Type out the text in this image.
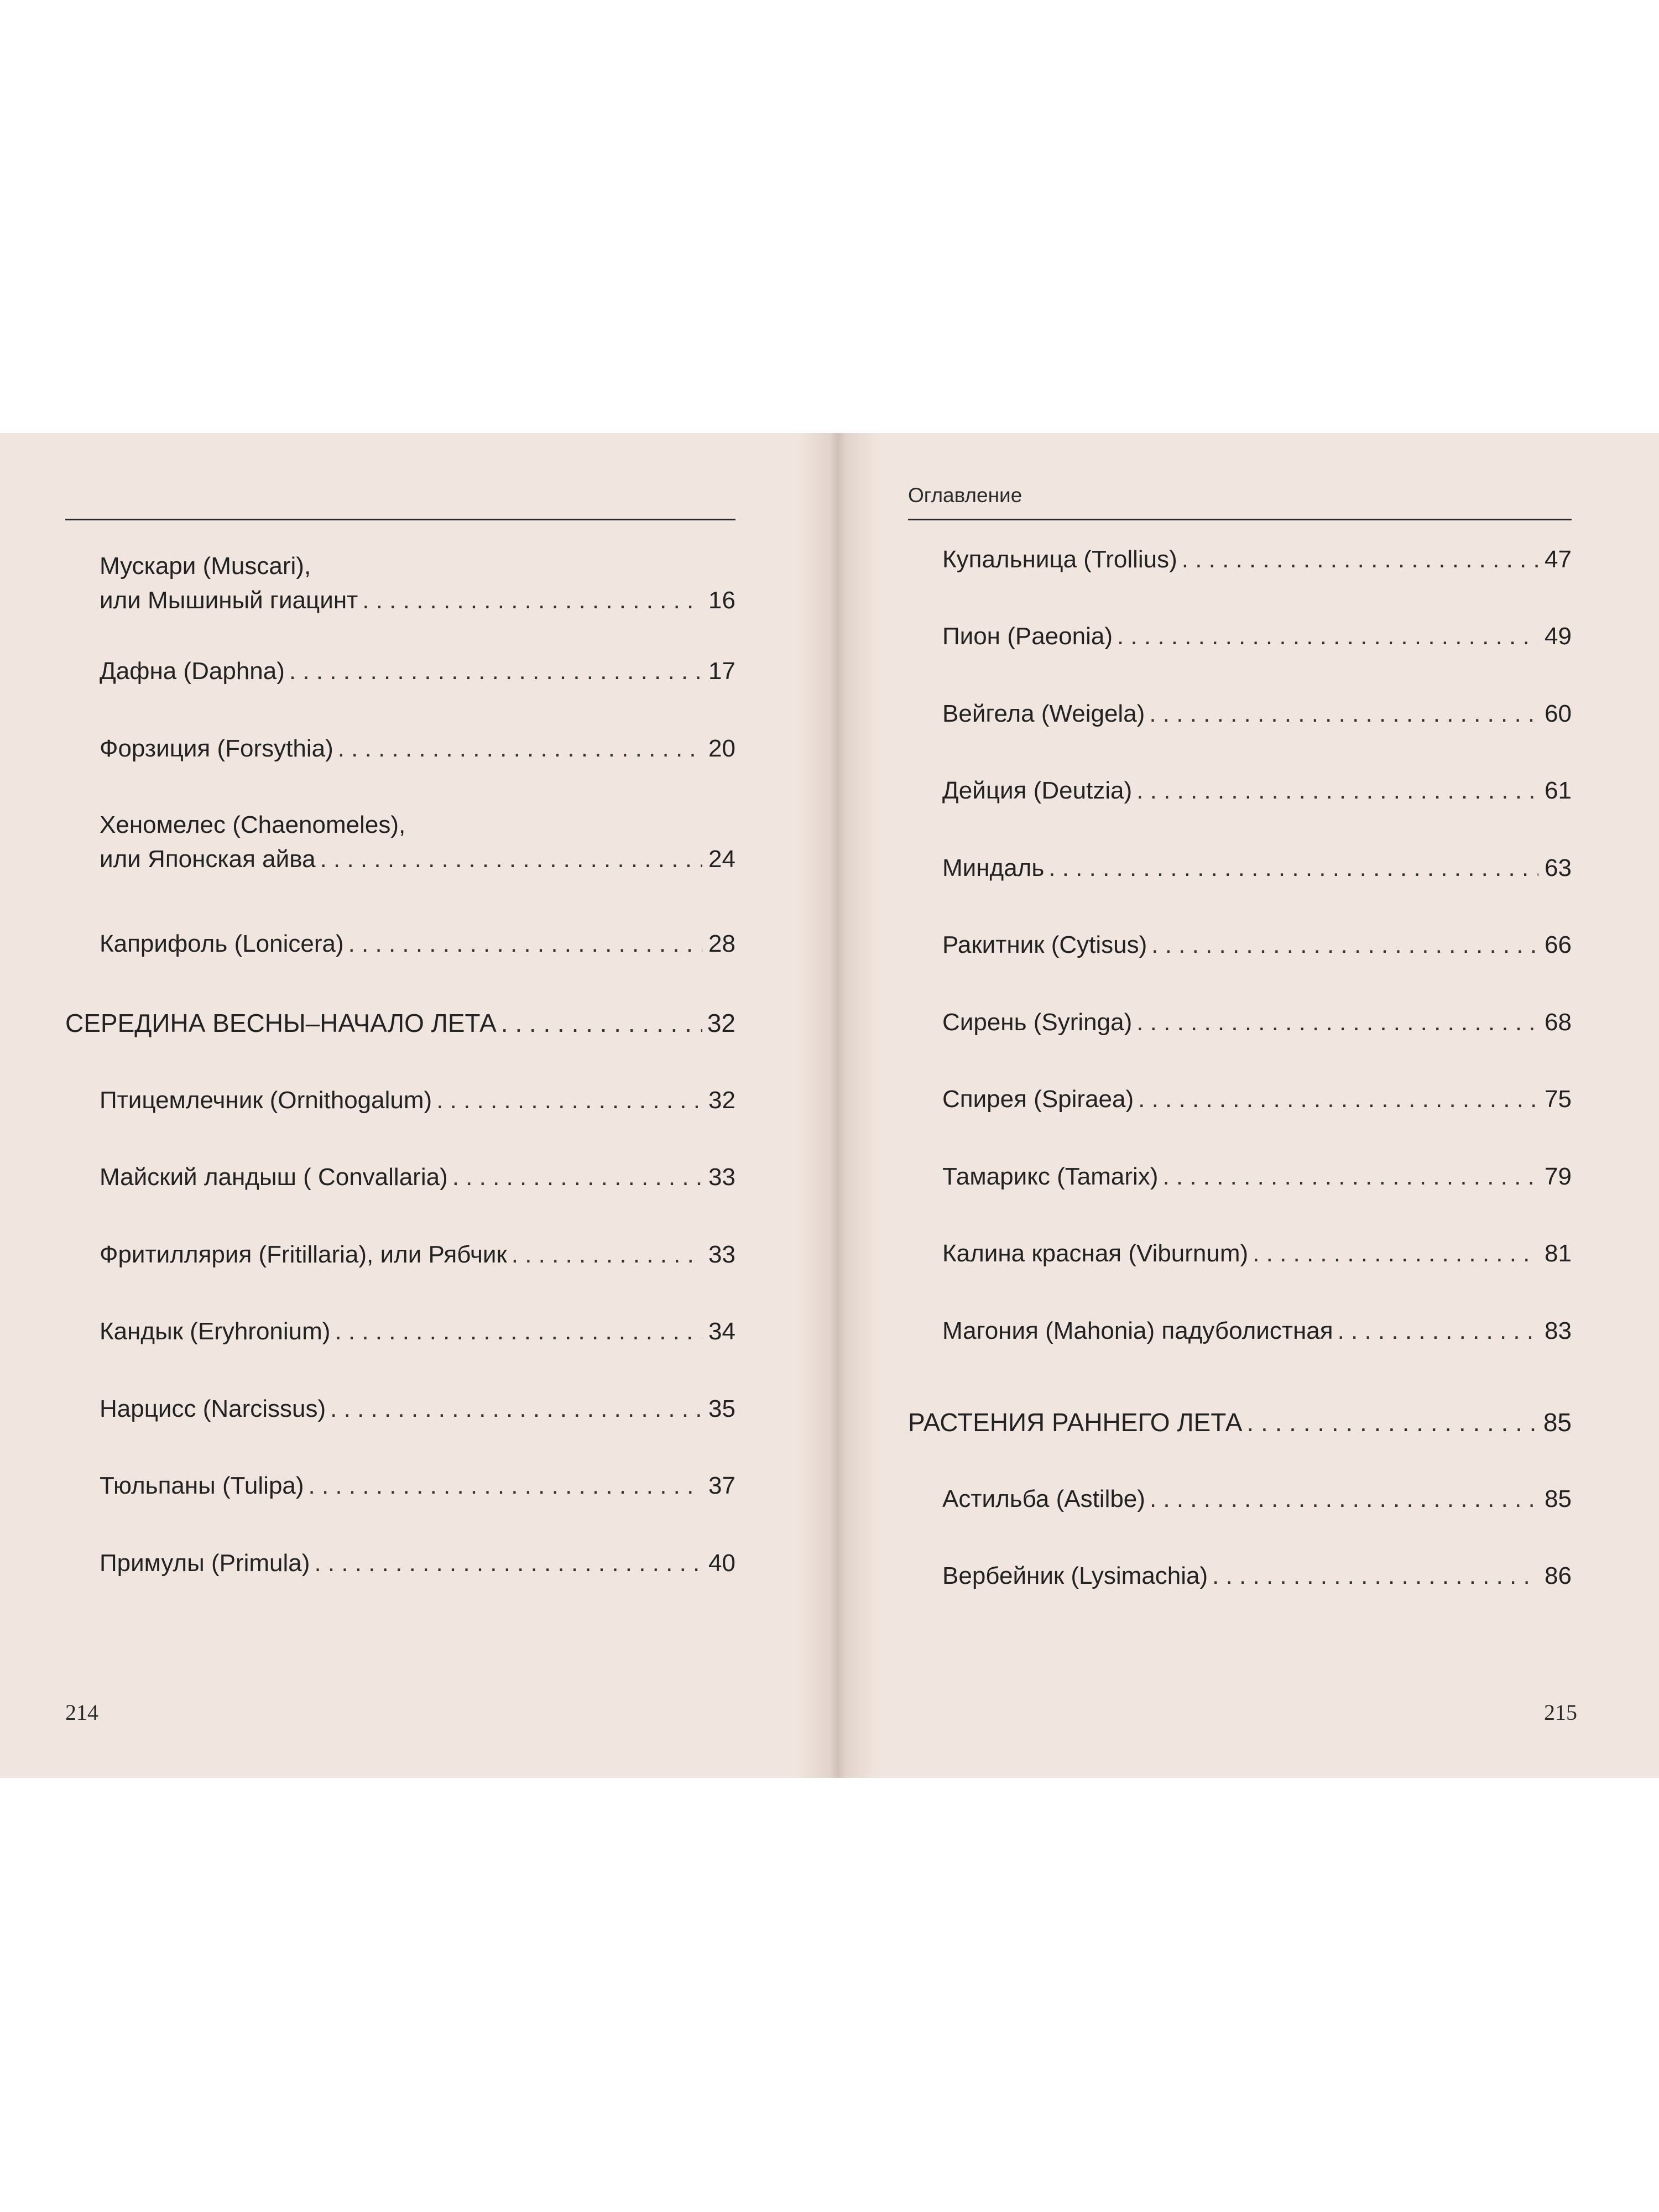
Мускари (Muscari),
или Мышиный гиацинт . . .	16
Дафна (Daphna) . . .	17
Форзиция (Forsythia) . . .	20
Хеномелес (Chaenomeles),
или Японская айва . . .	24
Каприфоль (Lonicera) . . .	28
СЕРЕДИНА ВЕСНЫ–НАЧАЛО ЛЕТА . . .	32
Птицемлечник (Ornithogalum) . . .	32
Майский ландыш ( Convallaria) . . .	33
Фритиллярия (Fritillaria), или Рябчик . . .	33
Кандык (Eryhronium) . . .	34
Нарцисс (Narcissus) . . .	35
Тюльпаны (Tulipa) . . .	37
Примулы (Primula) . . .	40
214
Оглавление
Купальница (Trollius) . . .	47
Пион (Paeonia) . . .	49
Вейгела (Weigela) . . .	60
Дейция (Deutzia) . . .	61
Миндаль . . .	63
Ракитник (Cytisus) . . .	66
Сирень (Syringa) . . .	68
Спирея (Spiraea) . . .	75
Тамарикс (Tamarix) . . .	79
Калина красная (Viburnum) . . .	81
Магония (Mahonia) падуболистная . . .	83
РАСТЕНИЯ РАННЕГО ЛЕТА . . .	85
Астильба (Astilbe) . . .	85
Вербейник (Lysimachia) . . .	86
215
